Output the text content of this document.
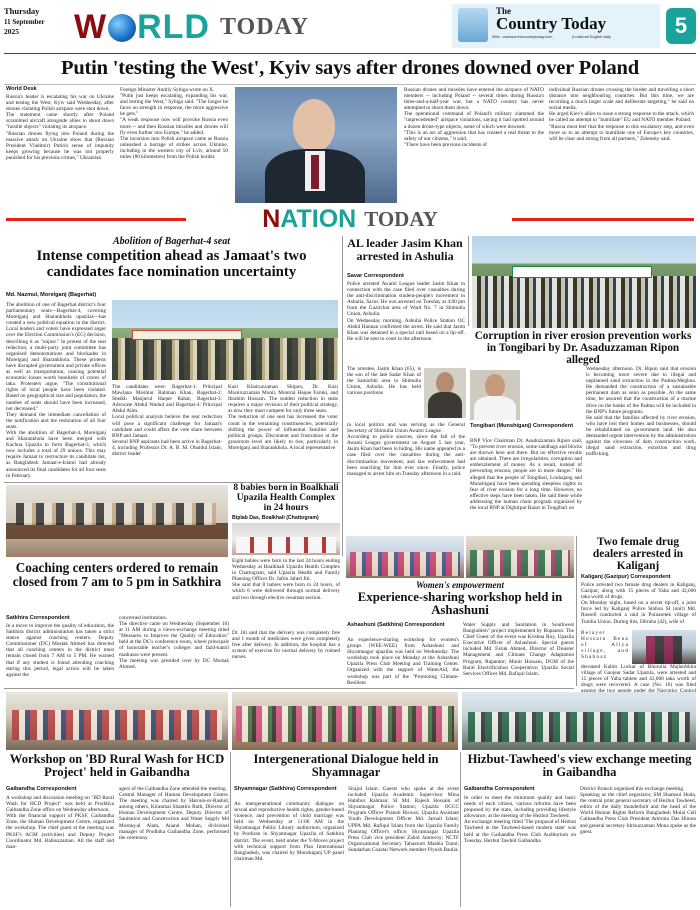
Thursday
11 September
2025	W RLD TODAY
The
Country Today
Web : wwwww.thecountrytoday.com	A national English daily	5
Putin 'testing the West', Kyiv says after drones downed over Poland
World Desk
Russia's leader is escalating his war on Ukraine and testing the West, Kyiv said Wednesday, after drones violating Polish airspace were shot down.
The statement came shortly after Poland scrambled aircraft alongside allies to shoot down "hostile objects" violating its airspace.
"Russian drones flying into Poland during the massive attack on Ukraine show that (Russian President Vladimir) Putin's sense of impunity keeps growing because he was not properly punished for his previous crimes," Ukrainian
Foreign Minister Andriy Sybiga wrote on X.
"Putin just keeps escalating, expanding his war, and testing the West," Sybiga said. "The longer he faces no strength in response, the more aggressive he gets."
"A weak response now will provoke Russia even more -- and then Russian missiles and drones will fly even further into Europe," he added.
The incursion into Polish airspace came as Russia unleashed a barrage of strikes across Ukraine, including in the western city of Lviv, around 50 miles (80 kilometres) from the Polish border.
Russian drones and missiles have entered the airspace of NATO members -- including Poland -- several times during Russia's three-and-a-half-year war, but a NATO country has never attempted to shoot them down.
The operational command of Poland's military slammed the "unprecedented" airspace violations, saying it had spotted around a dozen drone-type objects, some of which were downed.
"This is an act of aggression that has created a real threat to the safety of our citizens," it said.
"There have been previous incidents of
individual Russian drones crossing the border and travelling a short distance into neighbouring countries. But this time, we are recording a much larger scale and deliberate targeting," he said on social media.
He urged Kiev's allies to issue a strong response to the attack, which he called an attempt to "humiliate" EU and NATO member Poland.
"Russia must feel that the response to this escalatory step, and even more so to an attempt to humiliate one of Europe's key countries, will be clear and strong from all partners," Zelensky said.
NATION TODAY
Abolition of Bagerhat-4 seat
Intense competition ahead as Jamaat's two candidates face nomination uncertainty
Md. Nazmul, Morelganj (Bagerhat)
The abolition of one of Bagerhat district's four parliamentary seats—Bagerhat-4, covering Morelganj and Sharankhola upazilas—has created a new political equation in the district. Local leaders and voters have expressed anger over the Election Commission's (EC) decision, describing it as "unjust." In protest of the seat reduction, a multi-party joint committee has organised demonstrations and blockades in Morelganj and Sharankhola. These protests have disrupted government and private offices as well as transportation, causing potential economic losses worth hundreds of crores of taka. Protesters argue, "The constitutional rights of local people have been violated. Based on geographical size and population, the number of seats should have been increased, not decreased."
They demand the immediate cancellation of the notification and the restoration of all four seats.
With the abolition of Bagerhat-4, Morelganj and Sharankhola have been merged with Kachua Upazila to form Bagerhat-3, which now includes a total of 29 unions. This may require Jamaat to restructure its candidate list, as Bangladesh Jamaat-e-Islami had already announced its final candidates for all four seats in February.
The candidates were: Bagerhat-1: Principal Mawlana Moshiur Rahman Khan, Bagerhat-2: Sheikh Manjurul Haque Rahat, Bagerhat-3: Advocate Abdul Wadud and Bagerhat-4: Principal Abdul Alim.
Local political analysts believe the seat reduction will pose a significant challenge for Jamaat's candidate and could affect the vote share between BNP and Jamaat.
Several BNP aspirants had been active in Bagerhat-4, including Professor Dr. A. B. M. Obaidul Islam, district leader
Kazi Khairuzzaman Shipon, Dr. Kazi Moniruzzaman Monir, Monirul Haque Faruki, and Ibrahim Hossain. The sudden reduction in seats requires a major revision of their political strategy, as now they must compete for only three seats.
The reduction of one seat has increased the voter count in the remaining constituencies, potentially shifting the power of influential families and political groups. Discontent and frustration at the grassroots level are likely to rise, particularly in Morelganj and Sharankhola. A local representative
AL leader Jasim Khan arrested in Ashulia
Savar Correspondent
Police arrested Awami League leader Jasim Khan in connection with the case filed over casualties during the anti-discrimination student-people's movement in Ashulia, Savar. He was arrested on Tuesday at 4:00 pm from the Gazirchat area of Ward No. 7 in Shimulia Union, Ashulia.
On Wednesday morning, Ashulia Police Station OC Abdul Hannan confirmed the arrest. He said that Jasim Khan was detained in a special raid based on a tip-off. He will be sent to court in the afternoon.
The arrestee, Jasim Khan (65), is the son of the late Sadar Khan of the Samorbhi area in Shimulia Union, Ashulia. He has held various positions
in local politics and was serving as the General Secretary of Shimulia Union Awami League.
According to police sources, since the fall of the Awami League government on August 5 last year, Jasim Khan had been in hiding. His name appeared in a case filed over the casualties during the anti-discrimination movement, and law enforcement had been searching for him ever since. Finally, police managed to arrest him on Tuesday afternoon in a raid.
Corruption in river erosion prevention works in Tongibari by Dr. Asaduzzaman Ripon alleged
Tongibari (Munshiganj) Correspondent
BNP Vice Chairman Dr. Asaduzzaman Ripon said, "To prevent river erosion, some sandbags and blocks are thrown here and there. But no effective results are obtained. There are irregularities, corruption and embezzlement of money. As a result, instead of preventing erosion, people are in more danger." He alleged that the people of Tongibari, Louhajang and Munshiganj have been spending sleepless nights in fear of river erosion for a long time. However, no effective steps have been taken. He said these while addressing the human chain program organized by the local BNP at Dighirpar Bazar in Tongibari on
Wednesday afternoon. Dr. Ripon said that erosion is becoming more severe due to illegal and unplanned sand extraction in the Padma-Meghna. He demanded the construction of a sustainable permanent dam as soon as possible. At the same time, he assured that the construction of a marine drive on the banks of the Padma will be included in the BNP's future programs.
He said that the families affected by river erosion, who have lost their homes and businesses, should be rehabilitated on government land. He also demanded urgent intervention by the administration against the slowness of dam construction work, illegal sand extraction, extortion and drug trafficking.
8 babies born in Boalkhali Upazila Health Complex in 24 hours
Biplab Das, Boalkhali (Chattogram)
Eight babies were born in the last 24 hours ending Wednesday at Boalkhali Upazila Health Complex in Chattogram, said Upazila Health and Family Planning Officer Dr. Jaftin Jahed Jiti.
She said that 8 babies were born in 24 hours, of which 6 were delivered through normal delivery and two through elective cesarean section.
Coaching centers ordered to remain closed from 7 am to 5 pm in Satkhira
Satkhira Correspondent
In a move to improve the quality of education, the Satkhira district administration has taken a strict stance against coaching centers. Deputy Commissioner (DC) Mostak Ahmed has directed that all coaching centers in the district must remain closed from 7 AM to 5 PM. He warned that if any student is found attending coaching during this period, legal action will be taken against the
concerned institutions.
The directive came on Wednesday (September 10) at 11 AM during a views-exchange meeting titled "Measures to Improve the Quality of Education" held at the DC's conference room, where principals of honorable teacher's colleges and fazil-kamil madrasas were present.
The meeting was presided over by DC Mostak Ahmed.
Dr. Jiti said that the delivery was completely free and 1 month of medicines were given completely free after delivery. In addition, the hospital has a system of exercise for normal delivery by trained nurses.
Women's empowerment
Experience-sharing workshop held in Ashashuni
Ashashuni (Satkhira) Correspondent
An experience-sharing workshop for women's groups (WEE-WEE) from Ashashuni and Shyamnagar upazilas was held on Wednesday. The workshop took place on Monday at the Ashashuni Upazila Press Club Meeting and Training Center. Organized with the support of WaterAid, the workshop was part of the "Promoting Climate-Resilient
Water Supply and Sanitation in Southwest Bangladesh" project implemented by Rupantor. The Chief Guest of the event was Krishna Roy, Upazila Executive Officer of Ashashuni. Special guests included Md. Faruk Ahmed, Director of Disaster Management and Climate Change Adaptation Program, Rupantor; Monir Hossain, DGM of the Rural Electrification Cooperative; Upazila Social Services Officer Md. Rafiqul Islam.
Two female drug dealers arrested in Kaliganj
Kaliganj (Gazipur) Correspondent
Police arrested two female drug dealers in Kaliganj, Gazipur, along with 15 pieces of Yaba and 42,000 taka worth of drugs.
On Monday night, based on a secret tip-off, a joint force led by Kaliganj Police Station SI (unit) Md. Russell conducted a raid in Poinaretek village of Tumlia Union. During this, Dilruba (42), wife of
Belayet Hossain Bena of Aliya village, and Shahnaz
deceased Kalim Luckar of Bhurulia Majherbhita village of Gaojear Sadar Upazila, were arrested and 15 pieces of Yaba tablets and 42,000 taka worth of drugs were recovered. A case (No. 16) was filed
Workshop on 'BD Rural Wash for HCD Project' held in Gaibandha
Gaibandha Correspondent
A workshop and discussion meeting on "BD Rural Wash for HCD Project" was held at Proddiva Gaibandha Zone office on Wednesday afternoon.
With the financial support of PKSF, Gaibandha Zone, the Human Development Centre, organized the workshop. The chief guest at the meeting was PKSF's AGM (activities) and Deputy Project Coordinator Md. Rabiuzzaman. All the staff and man-
agers of the Gaibandha Zone attended the meeting.
Central Manager of Human Development Centre. The meeting was chaired by Haroun-or-Rashid, among others, Kiranmai Shantiro Ruth, Director of Human Development Centre, Deputy Director of Sanitation and Construction and Water Supply Md Mostaq-al Alam, Anand Mohan, divisional manager of Prodhika Gaibandha Zone, performed the ceremony.
Intergenerational Dialogue held in Shyamnagar
Shyamnagar (Satkhira) Correspondent
An intergenerational community dialogue on sexual and reproductive health rights, gender-based violence, and prevention of child marriage was held on Wednesday at 11:00 AM in the Shyamnagar Public Library auditorium, organized by Pordiran in Shyamnagar Upazila of Satkhira district. The event, held under the Y-Moves project with technical support from Plan International Bangladesh, was chaired by Munshiganj UP panel chairman Md.
Sirajul Islam. Guests who spoke at the event included Upazila Academic Supervisor Mina Habibur Rahman; SI Md. Rajesh Hossain of Shyamnagar Police Station; Upazila OCCC Program Officer Pranob Biswas; Upazila Assistant Youth Development Officer Md. Jarnail Islam; UPPA Md. Rafiqul Islam from the Upazila Family Planning Officer's office; Shyamnagar Upazila Press Club vice president Zahid Jaintoroy; NCTF Organizational Secretary Tabassum Mashia Tonni; Sundarban Coastal Network member Piyush Baulia.
Hizbut-Tawheed's view exchange meeting in Gaibandha
Gaibandha Correspondent
In order to meet the minimum quality and basic needs of each citizen, various reforms have been proposed by the state, including providing lifestyle allowance, at the meeting of the Hezbut Tawheed.
An exchange meeting titled 'The proposal of Hezbut Tawheed in the Tawheed-based modern state' was held at the Gaibandha Press Club Auditorium on Tuesday. Hezbut Tawhid Gaibandha
District Branch organised this exchange meeting.
Speaking as the chief negotiator, SM Shamsul Huda, the central print general secretary of Hezbut Tawheed, editor of the daily thunderbolt and the head of the World Human Rights Reform Bangladesh Mulai Cell Gaibandha Press Club President Amirulo Das Himon and general secretary Idrisuzzaman Mona spoke as the guest.
